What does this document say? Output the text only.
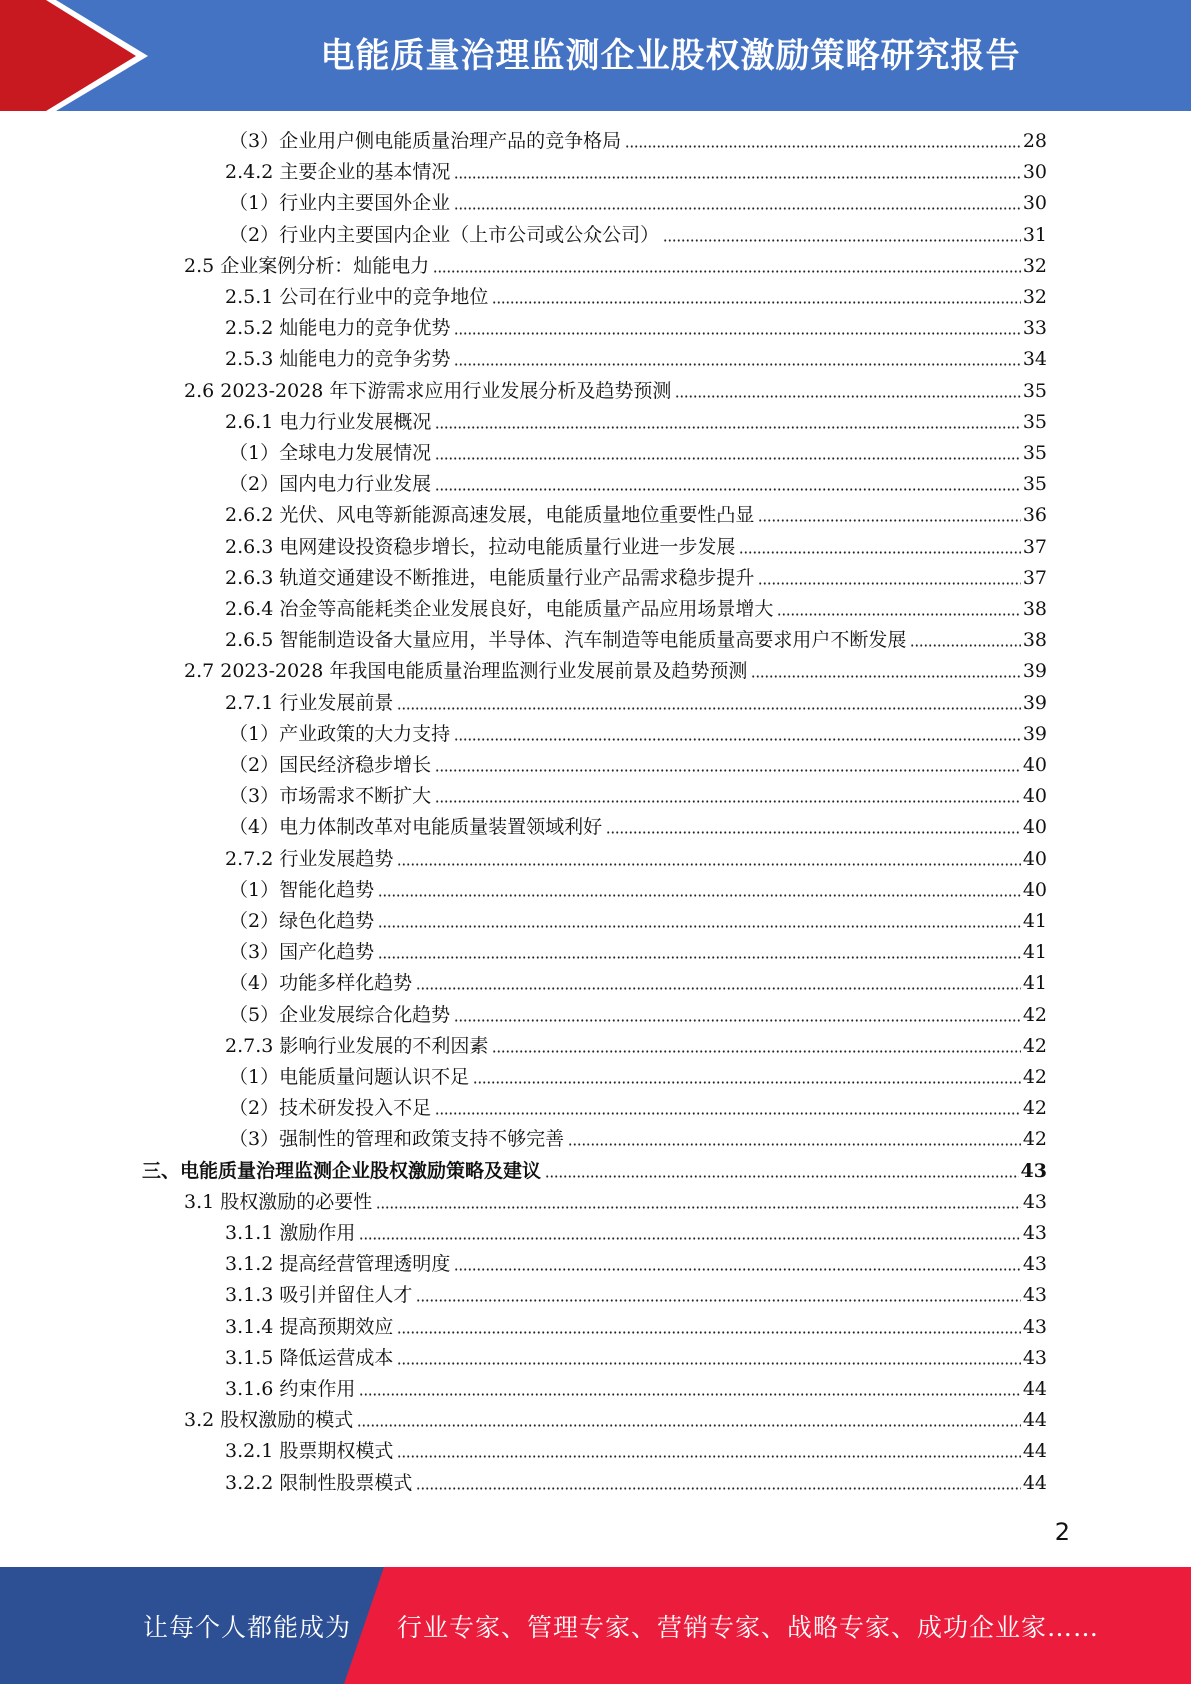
电能质量治理监测企业股权激励策略研究报告
（3）企业用户侧电能质量治理产品的竞争格局	28
2.4.2 主要企业的基本情况	30
（1）行业内主要国外企业	30
（2）行业内主要国内企业（上市公司或公众公司）	31
2.5 企业案例分析：灿能电力	32
2.5.1 公司在行业中的竞争地位	32
2.5.2 灿能电力的竞争优势	33
2.5.3 灿能电力的竞争劣势	34
2.6 2023-2028 年下游需求应用行业发展分析及趋势预测	35
2.6.1 电力行业发展概况	35
（1）全球电力发展情况	35
（2）国内电力行业发展	35
2.6.2 光伏、风电等新能源高速发展，电能质量地位重要性凸显	36
2.6.3 电网建设投资稳步增长，拉动电能质量行业进一步发展	37
2.6.3 轨道交通建设不断推进，电能质量行业产品需求稳步提升	37
2.6.4 冶金等高能耗类企业发展良好，电能质量产品应用场景增大	38
2.6.5 智能制造设备大量应用，半导体、汽车制造等电能质量高要求用户不断发展	38
2.7 2023-2028 年我国电能质量治理监测行业发展前景及趋势预测	39
2.7.1 行业发展前景	39
（1）产业政策的大力支持	39
（2）国民经济稳步增长	40
（3）市场需求不断扩大	40
（4）电力体制改革对电能质量装置领域利好	40
2.7.2 行业发展趋势	40
（1）智能化趋势	40
（2）绿色化趋势	41
（3）国产化趋势	41
（4）功能多样化趋势	41
（5）企业发展综合化趋势	42
2.7.3 影响行业发展的不利因素	42
（1）电能质量问题认识不足	42
（2）技术研发投入不足	42
（3）强制性的管理和政策支持不够完善	42
三、电能质量治理监测企业股权激励策略及建议	43
3.1 股权激励的必要性	43
3.1.1 激励作用	43
3.1.2 提高经营管理透明度	43
3.1.3 吸引并留住人才	43
3.1.4 提高预期效应	43
3.1.5 降低运营成本	43
3.1.6 约束作用	44
3.2 股权激励的模式	44
3.2.1 股票期权模式	44
3.2.2 限制性股票模式	44
2
让每个人都能成为 行业专家、管理专家、营销专家、战略专家、成功企业家……
